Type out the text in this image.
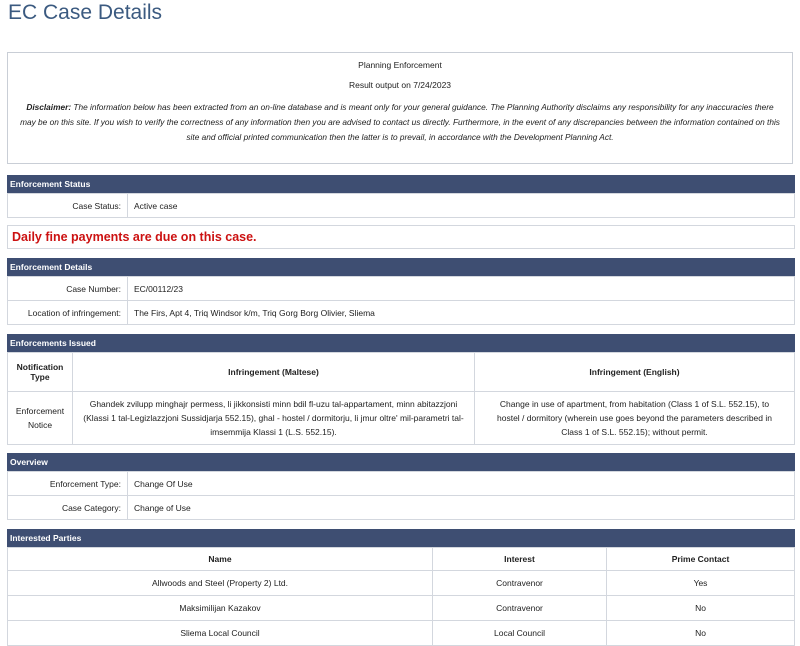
EC Case Details
Planning Enforcement
Result output on 7/24/2023
Disclaimer: The information below has been extracted from an on-line database and is meant only for your general guidance. The Planning Authority disclaims any responsibility for any inaccuracies there may be on this site. If you wish to verify the correctness of any information then you are advised to contact us directly. Furthermore, in the event of any discrepancies between the information contained on this site and official printed communication then the latter is to prevail, in accordance with the Development Planning Act.
Enforcement Status
Case Status:	Active case
Daily fine payments are due on this case.
Enforcement Details
Case Number:	EC/00112/23
Location of infringement:	The Firs, Apt 4, Triq Windsor k/m, Triq Gorg Borg Olivier, Sliema
Enforcements Issued
Notification Type	Infringement (Maltese)	Infringement (English)
Enforcement Notice	Ghandek zvilupp minghajr permess, li jikkonsisti minn bdil fl-uzu tal-appartament, minn abitazzjoni (Klassi 1 tal-Legizlazzjoni Sussidjarja 552.15), ghal - hostel / dormitorju, li jmur oltre' mil-parametri tal-imsemmija Klassi 1 (L.S. 552.15).	Change in use of apartment, from habitation (Class 1 of S.L. 552.15), to hostel / dormitory (wherein use goes beyond the parameters described in Class 1 of S.L. 552.15); without permit.
Overview
Enforcement Type:	Change Of Use
Case Category:	Change of Use
Interested Parties
Name	Interest	Prime Contact
Allwoods and Steel (Property 2) Ltd.	Contravenor	Yes
Maksimilijan Kazakov	Contravenor	No
Sliema Local Council	Local Council	No
